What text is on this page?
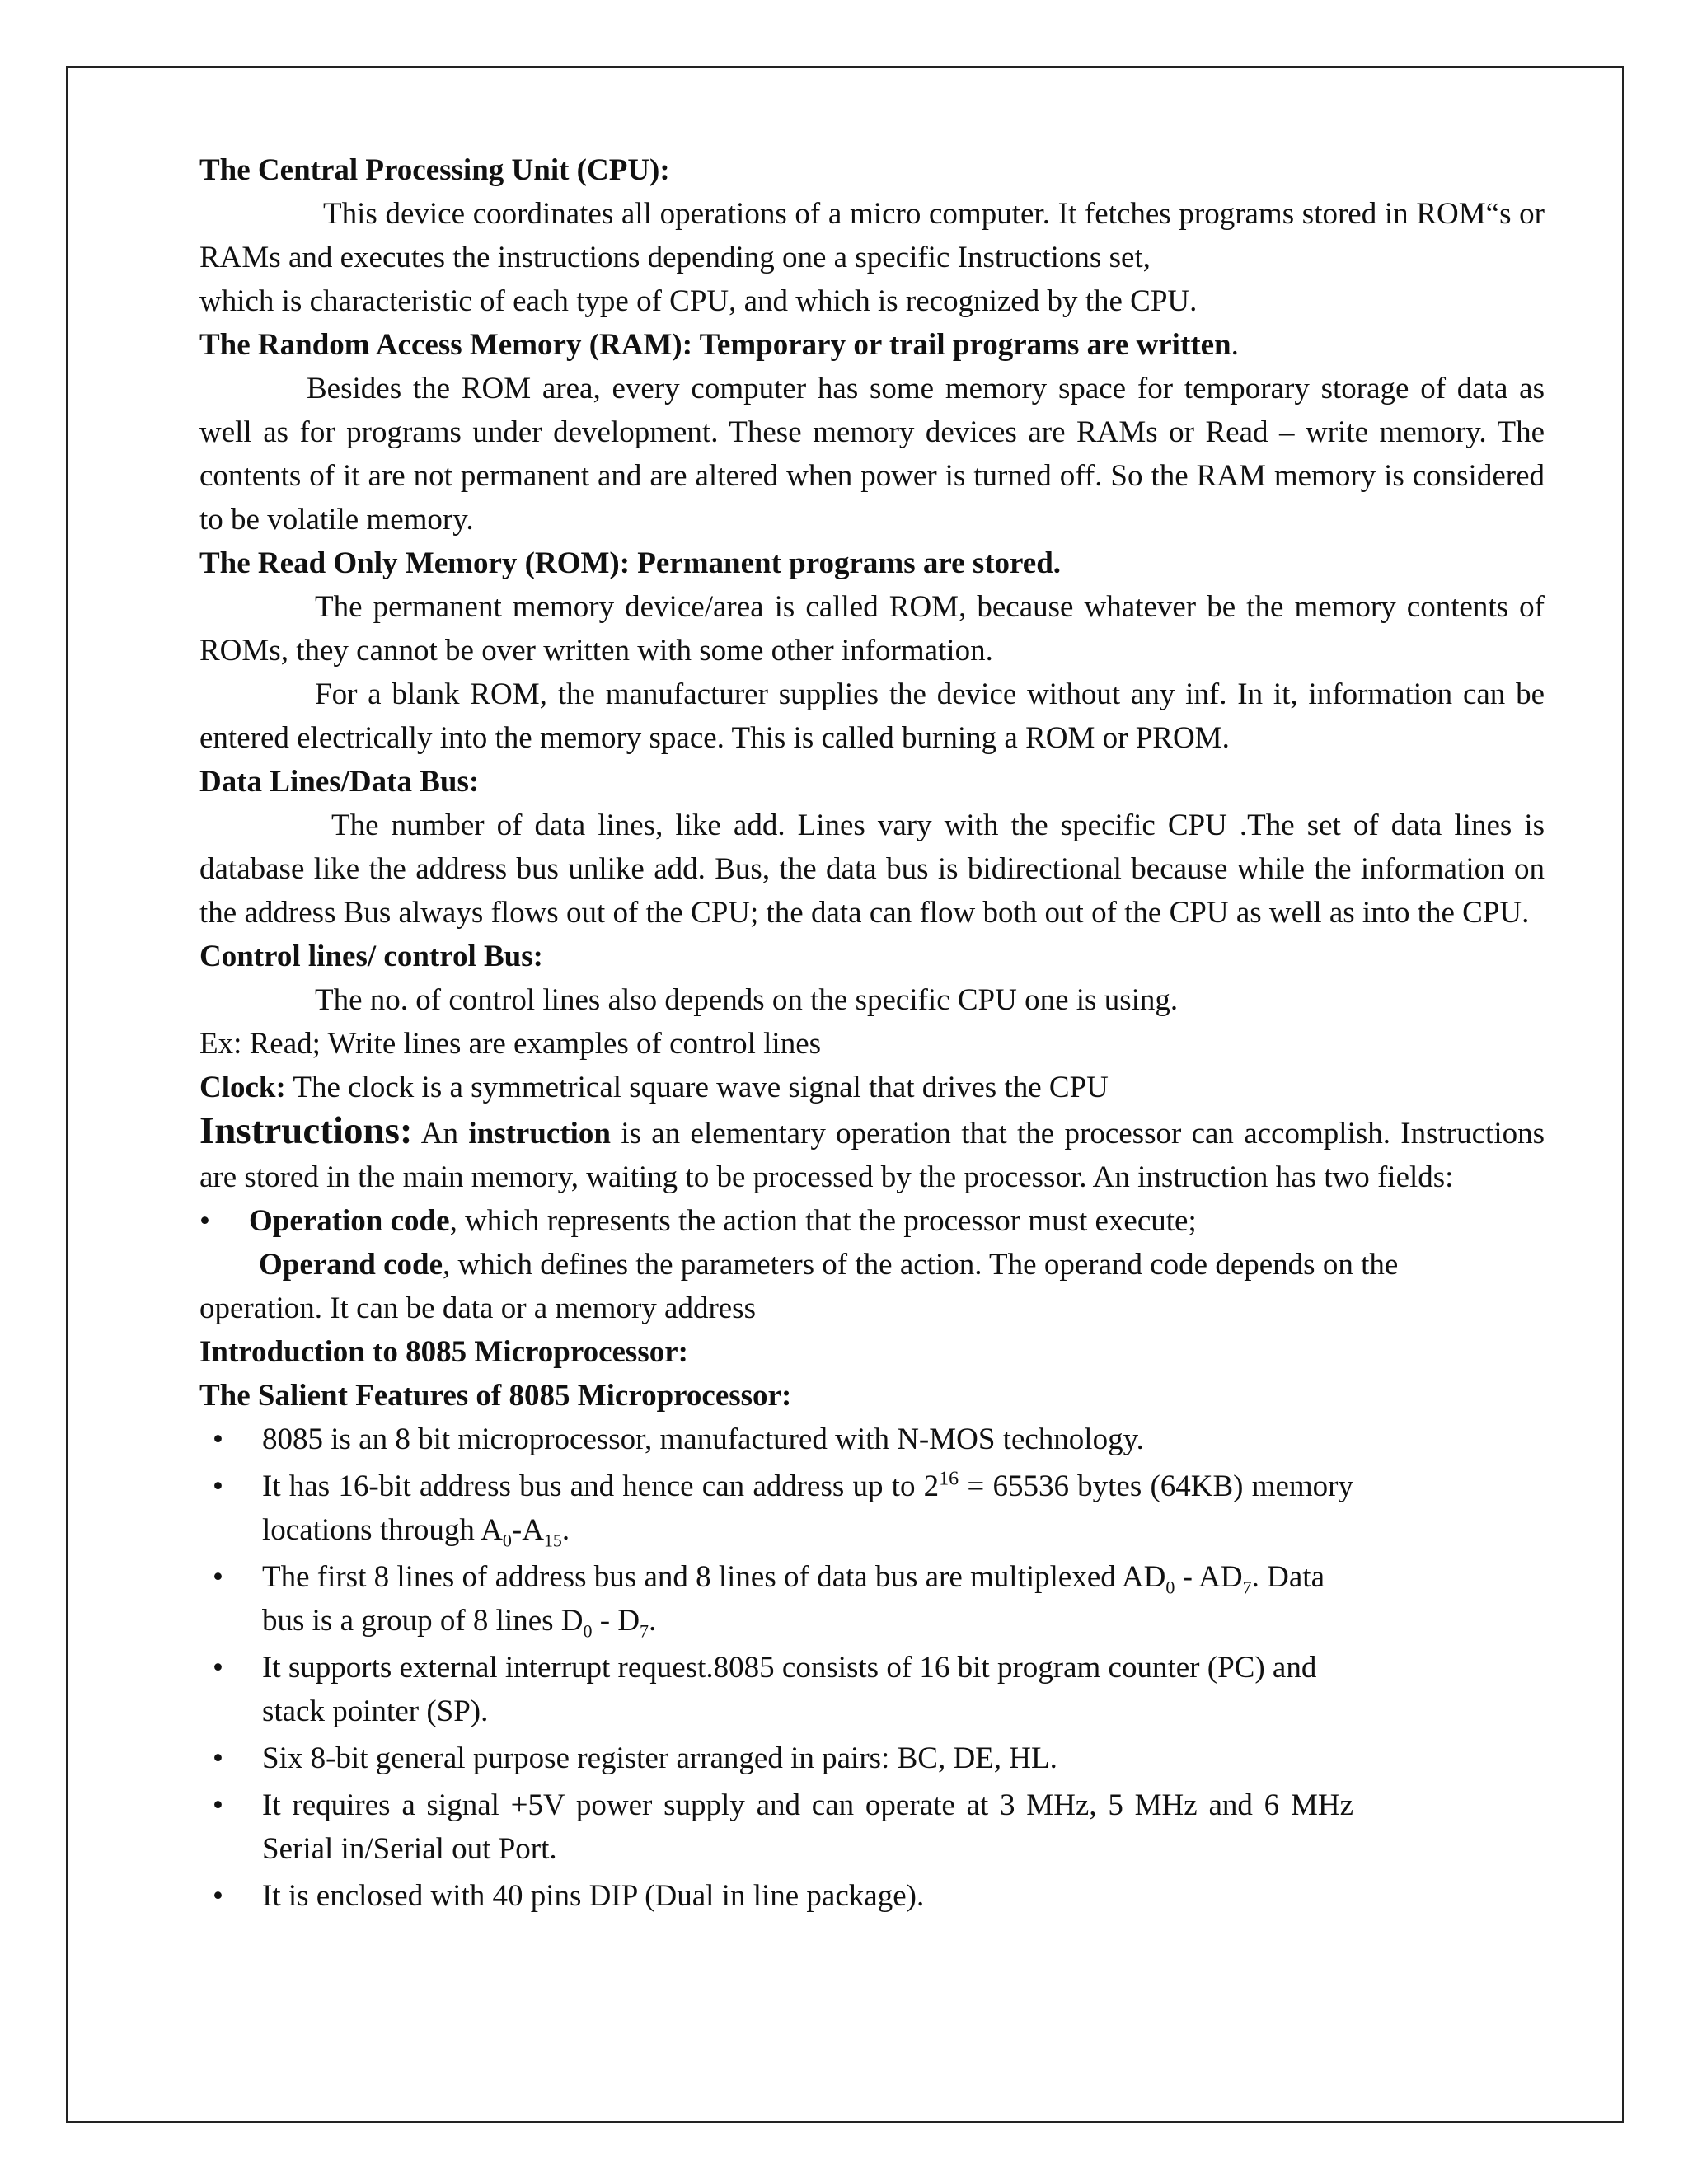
The Central Processing Unit (CPU):

This device coordinates all operations of a micro computer. It fetches programs stored in ROM“s or RAMs and executes the instructions depending one a specific Instructions set,

which is characteristic of each type of CPU, and which is recognized by the CPU.
The Random Access Memory (RAM): Temporary or trail programs are written.

Besides the ROM area, every computer has some memory space for temporary storage of data as well as for programs under development. These memory devices are RAMs or Read – write memory. The contents of it are not permanent and are altered when power is turned off. So the RAM memory is considered to be volatile memory.

The Read Only Memory (ROM): Permanent programs are stored.

The permanent memory device/area is called ROM, because whatever be the memory contents of ROMs, they cannot be over written with some other information.

For a blank ROM, the manufacturer supplies the device without any inf. In it, information can be entered electrically into the memory space. This is called burning a ROM or PROM.

Data Lines/Data Bus:

The number of data lines, like add. Lines vary with the specific CPU .The set of data lines is database like the address bus unlike add. Bus, the data bus is bidirectional because while the information on the address Bus always flows out of the CPU; the data can flow both out of the CPU as well as into the CPU.

Control lines/ control Bus:

The no. of control lines also depends on the specific CPU one is using.

Ex: Read; Write lines are examples of control lines
Clock: The clock is a symmetrical square wave signal that drives the CPU

Instructions: An instruction is an elementary operation that the processor can accomplish. Instructions are stored in the main memory, waiting to be processed by the processor. An instruction has two fields:

• Operation code, which represents the action that the processor must execute;
Operand code, which defines the parameters of the action. The operand code depends on the
operation. It can be data or a memory address
Introduction to 8085 Microprocessor:
The Salient Features of 8085 Microprocessor:
• 8085 is an 8 bit microprocessor, manufactured with N-MOS technology.
• It has 16-bit address bus and hence can address up to $2^{16} = 65536$ bytes (64KB) memory locations through $A_0-A_{15}$.
• The first 8 lines of address bus and 8 lines of data bus are multiplexed $AD_0 - AD_7$. Data bus is a group of 8 lines $D_0 - D_7$.
• It supports external interrupt request.8085 consists of 16 bit program counter (PC) and stack pointer (SP).
• Six 8-bit general purpose register arranged in pairs: BC, DE, HL.
• It requires a signal +5V power supply and can operate at 3 MHz, 5 MHz and 6 MHz Serial in/Serial out Port.
• It is enclosed with 40 pins DIP (Dual in line package).
